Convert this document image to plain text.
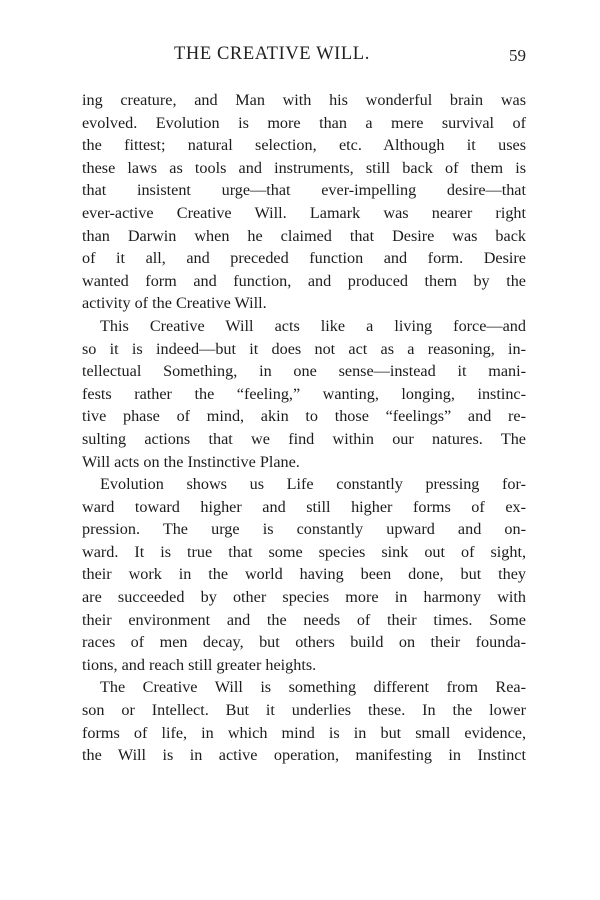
THE CREATIVE WILL.	59
ing creature, and Man with his wonderful brain was
evolved. Evolution is more than a mere survival of
the fittest; natural selection, etc. Although it uses
these laws as tools and instruments, still back of them is
that insistent urge—that ever-impelling desire—that
ever-active Creative Will. Lamark was nearer right
than Darwin when he claimed that Desire was back
of it all, and preceded function and form. Desire
wanted form and function, and produced them by the
activity of the Creative Will.
This Creative Will acts like a living force—and
so it is indeed—but it does not act as a reasoning, in-
tellectual Something, in one sense—instead it mani-
fests rather the “feeling,” wanting, longing, instinc-
tive phase of mind, akin to those “feelings” and re-
sulting actions that we find within our natures. The
Will acts on the Instinctive Plane.
Evolution shows us Life constantly pressing for-
ward toward higher and still higher forms of ex-
pression. The urge is constantly upward and on-
ward. It is true that some species sink out of sight,
their work in the world having been done, but they
are succeeded by other species more in harmony with
their environment and the needs of their times. Some
races of men decay, but others build on their founda-
tions, and reach still greater heights.
The Creative Will is something different from Rea-
son or Intellect. But it underlies these. In the lower
forms of life, in which mind is in but small evidence,
the Will is in active operation, manifesting in Instinct
